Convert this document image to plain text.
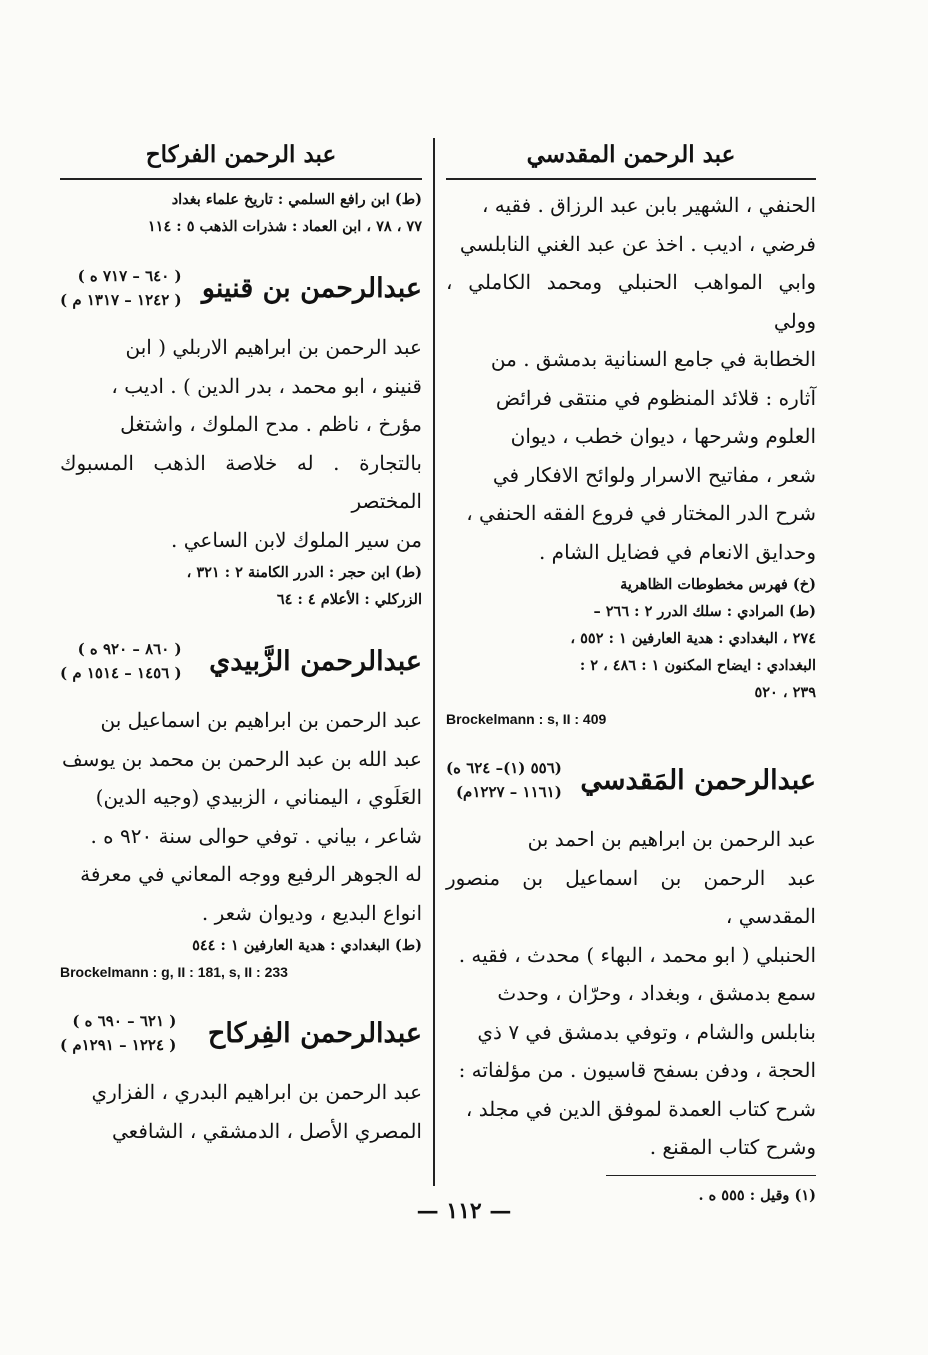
عبد الرحمن المقدسي

الحنفي ، الشهير بابن عبد الرزاق . فقيه ،

فرضي ، اديب . اخذ عن عبد الغني النابلسي

وابي المواهب الحنبلي ومحمد الكاملي ، وولي

الخطابة في جامع السنانية بدمشق . من

آثاره : قلائد المنظوم في منتقى فرائض

العلوم وشرحها ، ديوان خطب ، ديوان

شعر ، مفاتيح الاسرار ولوائح الافكار في

شرح الدر المختار في فروع الفقه الحنفي ،

وحدايق الانعام في فضايل الشام .

(خ) فهرس مخطوطات الظاهرية

(ط) المرادي : سلك الدرر ٢ : ٢٦٦ –

٢٧٤ ، البغدادي : هدية العارفين ١ : ٥٥٢ ،

البغدادي : ايضاح المكنون ١ : ٤٨٦ ، ٢ :

٢٣٩ ، ٥٢٠

Brockelmann : s, II : 409

عبدالرحمن المَقدسي
(٥٥٦ (١)– ٦٢٤ ه)
(١١٦١ – ١٢٢٧م)

عبد الرحمن بن ابراهيم بن احمد بن

عبد الرحمن بن اسماعيل بن منصور المقدسي ،

الحنبلي ( ابو محمد ، البهاء ) محدث ، فقيه .

سمع بدمشق ، وبغداد ، وحرّان ، وحدث

بنابلس والشام ، وتوفي بدمشق في ٧ ذي

الحجة ، ودفن بسفح قاسيون . من مؤلفاته :

شرح كتاب العمدة لموفق الدين في مجلد ،

وشرح كتاب المقنع .

(١) وقيل : ٥٥٥ ه .

عبد الرحمن الفركاح

(ط) ابن رافع السلمي : تاريخ علماء بغداد

٧٧ ، ٧٨ ، ابن العماد : شذرات الذهب ٥ : ١١٤

عبدالرحمن بن قنينو
( ٦٤٠ – ٧١٧ ه )
( ١٢٤٢ – ١٣١٧ م )

عبد الرحمن بن ابراهيم الاربلي ( ابن

قنينو ، ابو محمد ، بدر الدين ) . اديب ،

مؤرخ ، ناظم . مدح الملوك ، واشتغل

بالتجارة . له خلاصة الذهب المسبوك المختصر

من سير الملوك لابن الساعي .

(ط) ابن حجر : الدرر الكامنة ٢ : ٣٢١ ،

الزركلي : الأعلام ٤ : ٦٤

عبدالرحمن الزَّبيدي
( ٨٦٠ – ٩٢٠ ه )
( ١٤٥٦ – ١٥١٤ م )

عبد الرحمن بن ابراهيم بن اسماعيل بن

عبد الله بن عبد الرحمن بن محمد بن يوسف

العَلَوي ، اليمناني ، الزبيدي (وجيه الدين)

شاعر ، بياني . توفي حوالى سنة ٩٢٠ ه .

له الجوهر الرفيع ووجه المعاني في معرفة

انواع البديع ، وديوان شعر .

(ط) البغدادي : هدية العارفين ١ : ٥٤٤

Brockelmann : g, II : 181, s, II : 233

عبدالرحمن الفِركاح
( ٦٢١ – ٦٩٠ ه )
( ١٢٢٤ – ١٢٩١م )

عبد الرحمن بن ابراهيم البدري ، الفزاري

المصري الأصل ، الدمشقي ، الشافعي

— ١١٢ —
